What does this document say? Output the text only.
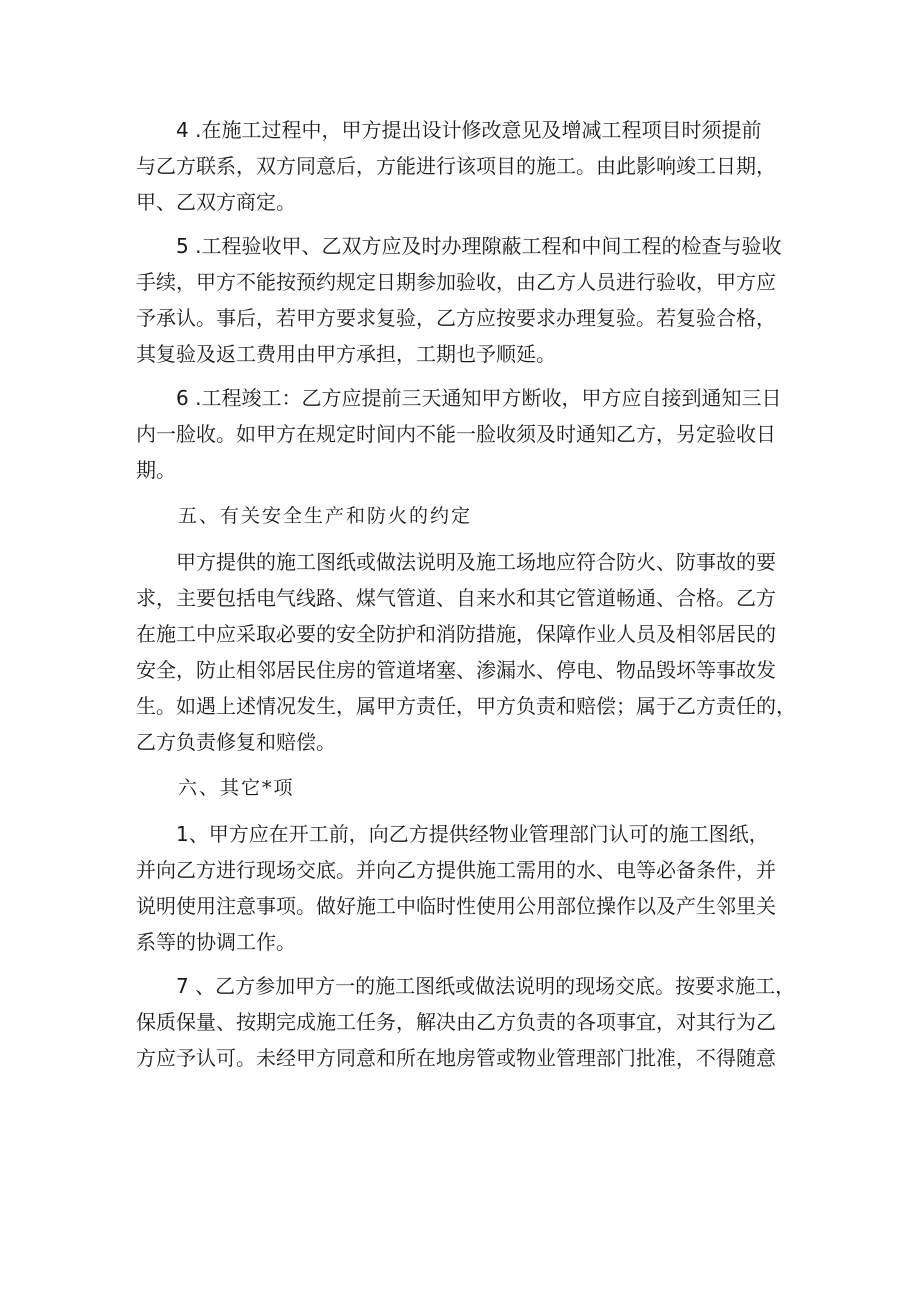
　　4 .在施工过程中，甲方提出设计修改意见及增减工程项目时须提前
与乙方联系，双方同意后，方能进行该项目的施工。由此影响竣工日期，
甲、乙双方商定。
　　5 .工程验收甲、乙双方应及时办理隙蔽工程和中间工程的检查与验收
手续，甲方不能按预约规定日期参加验收，由乙方人员进行验收，甲方应
予承认。事后，若甲方要求复验，乙方应按要求办理复验。若复验合格，
其复验及返工费用由甲方承担，工期也予顺延。
　　6 .工程竣工：乙方应提前三天通知甲方断收，甲方应自接到通知三日
内一脸收。如甲方在规定时间内不能一脸收须及时通知乙方，另定验收日
期。
　　五、有关安全生产和防火的约定
　　甲方提供的施工图纸或做法说明及施工场地应符合防火、防事故的要
求，主要包括电气线路、煤气管道、自来水和其它管道畅通、合格。乙方
在施工中应采取必要的安全防护和消防措施，保障作业人员及相邻居民的
安全，防止相邻居民住房的管道堵塞、渗漏水、停电、物品毁坏等事故发
生。如遇上述情况发生，属甲方责任，甲方负责和赔偿；属于乙方责任的，
乙方负责修复和赔偿。
　　六、其它*项
　　1、甲方应在开工前，向乙方提供经物业管理部门认可的施工图纸，
并向乙方进行现场交底。并向乙方提供施工需用的水、电等必备条件，并
说明使用注意事项。做好施工中临时性使用公用部位操作以及产生邻里关
系等的协调工作。
　　7 、乙方参加甲方一的施工图纸或做法说明的现场交底。按要求施工，
保质保量、按期完成施工任务，解决由乙方负责的各项事宜，对其行为乙
方应予认可。未经甲方同意和所在地房管或物业管理部门批准，不得随意
